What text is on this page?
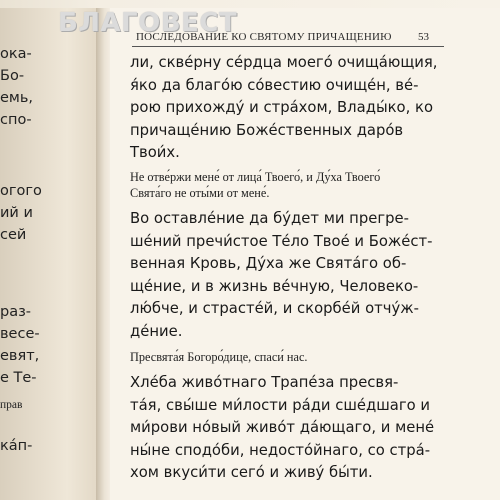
ока-
Бо-
емь,
спо-
огого
ий и
сей
раз-
весе-
евят,
е Те-
прав
кáп-
БЛАГОВЕСТ
ПОСЛЕДОВАНИЕ КО СВЯТОМУ ПРИЧАЩЕНИЮ	53
ли, скве́рну се́рдца моего́ очища́ющия,
я́ко да благо́ю со́вестию очище́н, ве́-
рою прихожду́ и стра́хом, Влады́ко, ко
причаще́нию Боже́ственных даро́в
Твои́х.
Не отве́ржи мене́ от лица́ Твоего́, и Ду́ха Твоего́
Свята́го не оты́ми от мене́.
Во оставле́ние да бу́дет ми прегре-
ше́ний пречи́стое Те́ло Твое́ и Боже́ст-
венная Кровь, Ду́ха же Свята́го об-
ще́ние, и в жизнь ве́чную, Человеко-
лю́бче, и страсте́й, и скорбе́й отчу́ж-
де́ние.
Пресвята́я Богоро́дице, спаси́ нас.
Хле́ба живо́тнаго Трапе́за пресвя-
та́я, свы́ше ми́лости ра́ди сше́дшаго и
ми́рови но́вый живо́т да́ющаго, и мене́
ны́не сподо́би, недосто́йнаго, со стра́-
хом вкуси́ти сего́ и живу́ бы́ти.
